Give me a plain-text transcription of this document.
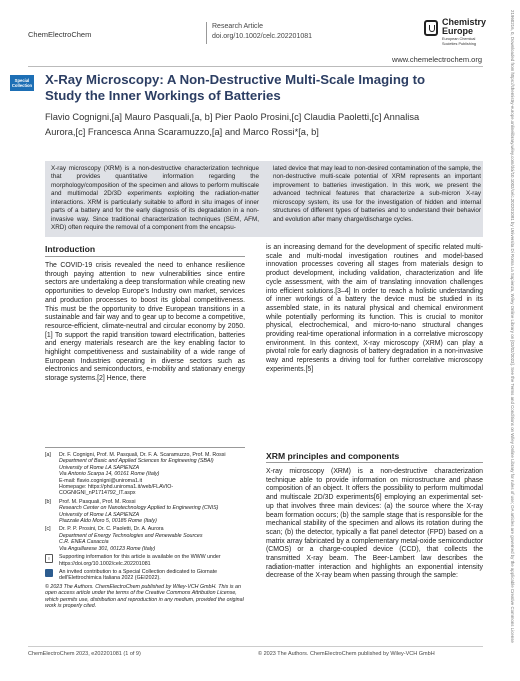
ChemElectroChem
Research Article
doi.org/10.1002/celc.202201081
Chemistry
Europe
European Chemical Societies Publishing
www.chemelectrochem.org
Special
Collection X-Ray Microscopy: A Non-Destructive Multi-Scale Imaging to Study the Inner Workings of Batteries
Flavio Cognigni,[a] Mauro Pasquali,[a, b] Pier Paolo Prosini,[c] Claudia Paoletti,[c] Annalisa Aurora,[c] Francesca Anna Scaramuzzo,[a] and Marco Rossi*[a, b]
X-ray microscopy (XRM) is a non-destructive characterization technique that provides quantitative information regarding the morphology/composition of the specimen and allows to perform multiscale and multimodal 2D/3D experiments exploiting the radiation-matter interactions. XRM is particularly suitable to afford in situ images of inner parts of a battery and for the early diagnosis of its degradation in a non-invasive way. Since traditional characterization techniques (SEM, AFM, XRD) often require the removal of a component from the encapsu-
lated device that may lead to non-desired contamination of the sample, the non-destructive multi-scale potential of XRM represents an important improvement to batteries investigation. In this work, we present the advanced technical features that characterize a sub-micron X-ray microscopy system, its use for the investigation of hidden and internal structures of different types of batteries and to understand their behavior and evolution after many charge/discharge cycles.
Introduction
The COVID-19 crisis revealed the need to enhance resilience through paying attention to new vulnerabilities since entire sectors are undertaking a deep transformation while creating new opportunities to develop Europe's Industry own market, services and production processes to boost its global competitiveness. This must be the opportunity to drive European transitions in a sustainable and fair way and to gear up to become a competitive, resource-efficient, climate-neutral and circular economy by 2050.[1] To support the rapid transition toward electrification, batteries and energy materials research are the key enabling factor to highlight competitiveness and sustainability of a wide range of European Industries operating in diverse sectors such as electronics and semiconductors, e-mobility and stationary energy storage systems.[2] Hence, there
is an increasing demand for the development of specific related multi-scale and multi-modal investigation routines and model-based innovation processes covering all stages from materials design to product development, including validation, characterization and life cycle assessment, with the aim of translating innovation challenges into efficient solutions.[3–4] In order to reach a holistic understanding of inner workings of a battery the device must be studied in its assembled state, in its natural physical and chemical environment while potentially performing its function. This is crucial to monitor physical, electrochemical, and micro-to-nano structural changes providing real-time operational information in a correlative microscopy environment. In this context, X-ray microscopy (XRM) can play a pivotal role for early diagnosis of battery degradation in a non-invasive way and represents a driving tool for further correlative microscopy experiments.[5]
[a] Dr. F. Cognigni, Prof. M. Pasquali, Dr. F. A. Scaramuzzo, Prof. M. Rossi
Department of Basic and Applied Sciences for Engineering (SBAI)
University of Rome LA SAPIENZA
Via Antonio Scarpa 14, 00161 Rome (Italy)
E-mail: flavio.cognigni@uniroma1.it
Homepage: https://phd.uniroma1.it/web/FLAVIO-COGNIGNI_nP1714792_IT.aspx
[b] Prof. M. Pasquali, Prof. M. Rossi
Research Center on Nanotechnology Applied to Engineering (CNIS)
University of Rome LA SAPIENZA
Piazzale Aldo Moro 5, 00185 Rome (Italy)
[c] Dr. P. P. Prosini, Dr. C. Paoletti, Dr. A. Aurora
Department of Energy Technologies and Renewable Sources
C.R. ENEA Casaccia
Via Anguillarese 301, 00123 Rome (Italy)
≡	Supporting information for this article is available on the WWW under https://doi.org/10.1002/celc.202201081
An invited contribution to a Special Collection dedicated to Giornate dell'Elettrochimica Italiana 2022 (GEI2022).
© 2023 The Authors. ChemElectroChem published by Wiley-VCH GmbH. This is an open access article under the terms of the Creative Commons Attribution License, which permits use, distribution and reproduction in any medium, provided the original work is properly cited.
XRM principles and components
X-ray microscopy (XRM) is a non-destructive characterization technique able to provide information on microstructure and phase composition of an object. It offers the possibility to perform multimodal and multiscale 2D/3D experiments[6] employing an experimental set-up that involves three main devices: (a) the source where the X-ray beam formation occurs; (b) the sample stage that is responsible for the mechanical stability of the specimen and allows its rotation during the scan; (b) the detector, typically a flat panel detector (FPD) based on a matrix array fabricated by a complementary metal-oxide semiconductor (CMOS) or a charge-coupled device (CCD), that collects the transmitted X-ray beam. The Beer-Lambert law describes the radiation-matter interaction and highlights an exponential intensity decrease of the X-ray beam when passing through the sample:
ChemElectroChem 2023, e202201081 (1 of 9)	© 2023 The Authors. ChemElectroChem published by Wiley-VCH GmbH
21960216, 0, Downloaded from https://chemistry-europe.onlinelibrary.wiley.com/doi/10.1002/celc.202201081 by Universita Di Roma La Sapienza, Wiley Online Library on [02/02/2023]. See the Terms and Conditions on Wiley Online Library for rules of use; OA articles are governed by the applicable Creative Commons License
